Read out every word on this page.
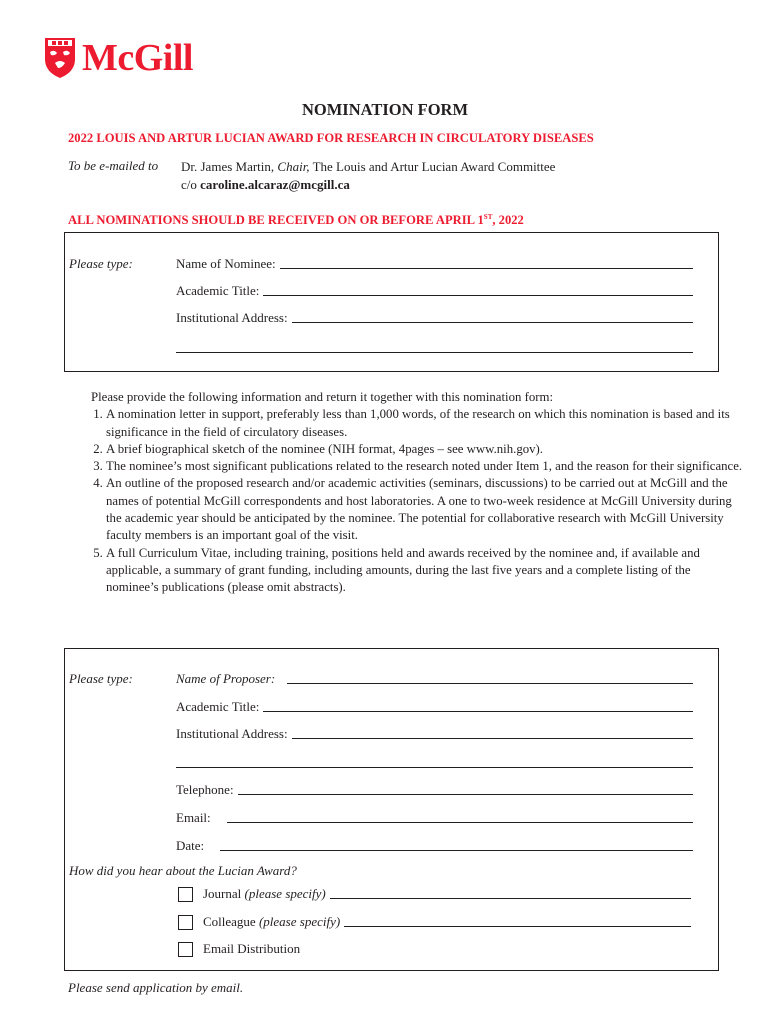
McGill
NOMINATION FORM
2022 LOUIS AND ARTUR LUCIAN AWARD FOR RESEARCH IN CIRCULATORY DISEASES
To be e-mailed to Dr. James Martin, Chair, The Louis and Artur Lucian Award Committee
c/o caroline.alcaraz@mcgill.ca
ALL NOMINATIONS SHOULD BE RECEIVED ON OR BEFORE APRIL 1ST, 2022
Please type:	Name of Nominee:
Academic Title:
Institutional Address:
Please provide the following information and return it together with this nomination form:
1. A nomination letter in support, preferably less than 1,000 words, of the research on which this nomination is based and its significance in the field of circulatory diseases.
2. A brief biographical sketch of the nominee (NIH format, 4pages – see www.nih.gov).
3. The nominee’s most significant publications related to the research noted under Item 1, and the reason for their significance.
4. An outline of the proposed research and/or academic activities (seminars, discussions) to be carried out at McGill and the names of potential McGill correspondents and host laboratories. A one to two-week residence at McGill University during the academic year should be anticipated by the nominee. The potential for collaborative research with McGill University faculty members is an important goal of the visit.
5. A full Curriculum Vitae, including training, positions held and awards received by the nominee and, if available and applicable, a summary of grant funding, including amounts, during the last five years and a complete listing of the nominee’s publications (please omit abstracts).
Please type:	Name of Proposer:
Academic Title:
Institutional Address:
Telephone:
Email:
Date:
How did you hear about the Lucian Award?
Journal
(please specify)
Colleague
(please specify)
Email Distribution
Please send application by email.
